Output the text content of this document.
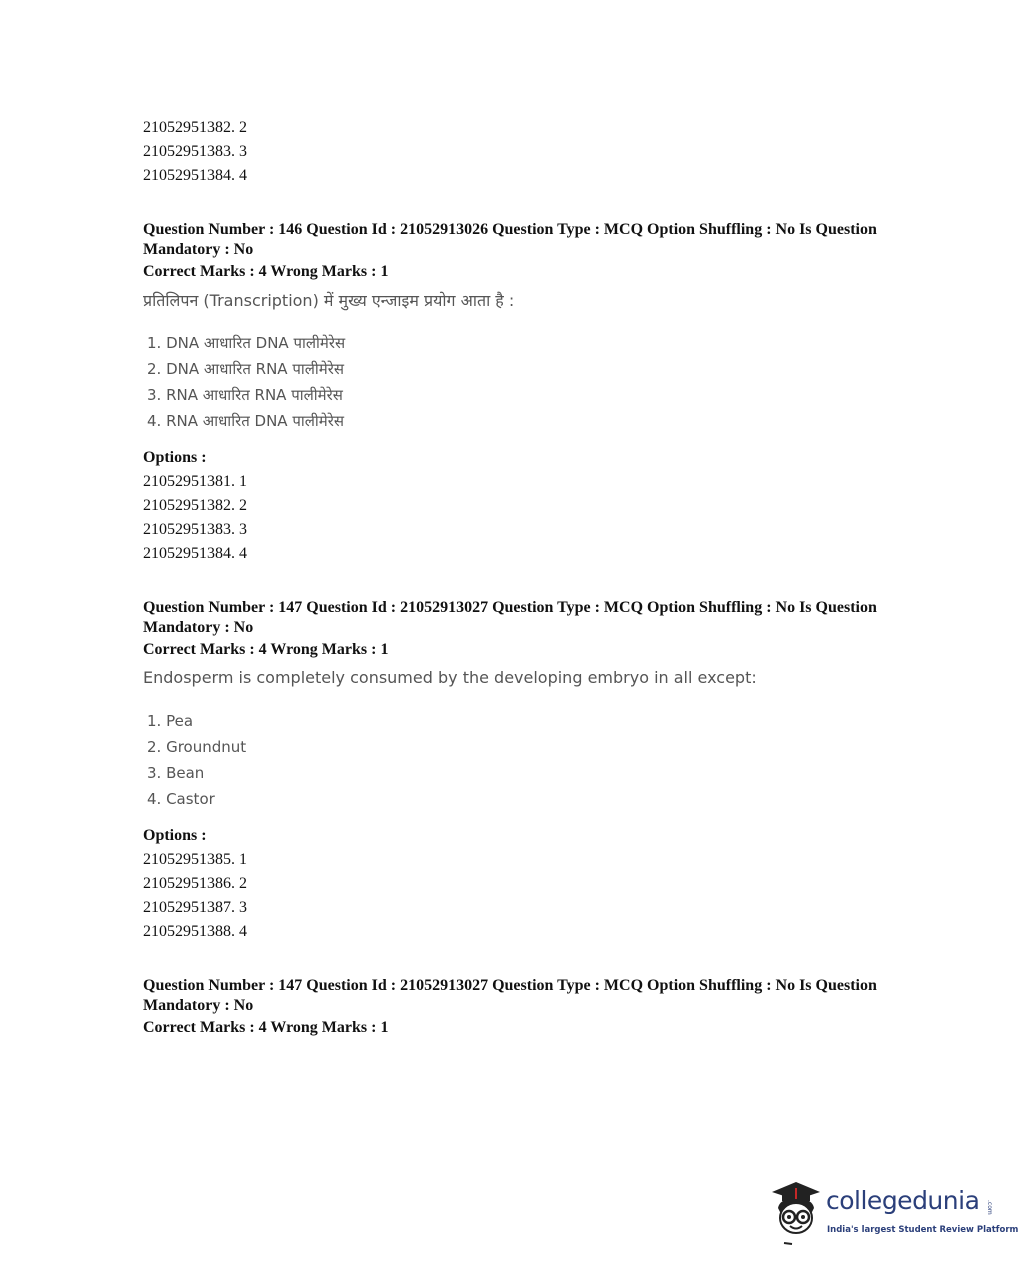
21052951382. 2
21052951383. 3
21052951384. 4
Question Number : 146 Question Id : 21052913026 Question Type : MCQ Option Shuffling : No Is Question Mandatory : No
Correct Marks : 4 Wrong Marks : 1
प्रतिलिपन (Transcription) में मुख्य एन्जाइम प्रयोग आता है :
1. DNA आधारित DNA पालीमेरेस
2. DNA आधारित RNA पालीमेरेस
3. RNA आधारित RNA पालीमेरेस
4. RNA आधारित DNA पालीमेरेस
Options :
21052951381. 1
21052951382. 2
21052951383. 3
21052951384. 4
Question Number : 147 Question Id : 21052913027 Question Type : MCQ Option Shuffling : No Is Question Mandatory : No
Correct Marks : 4 Wrong Marks : 1
Endosperm is completely consumed by the developing embryo in all except:
1. Pea
2. Groundnut
3. Bean
4. Castor
Options :
21052951385. 1
21052951386. 2
21052951387. 3
21052951388. 4
Question Number : 147 Question Id : 21052913027 Question Type : MCQ Option Shuffling : No Is Question Mandatory : No
Correct Marks : 4 Wrong Marks : 1
collegedunia .com
India's largest Student Review Platform
